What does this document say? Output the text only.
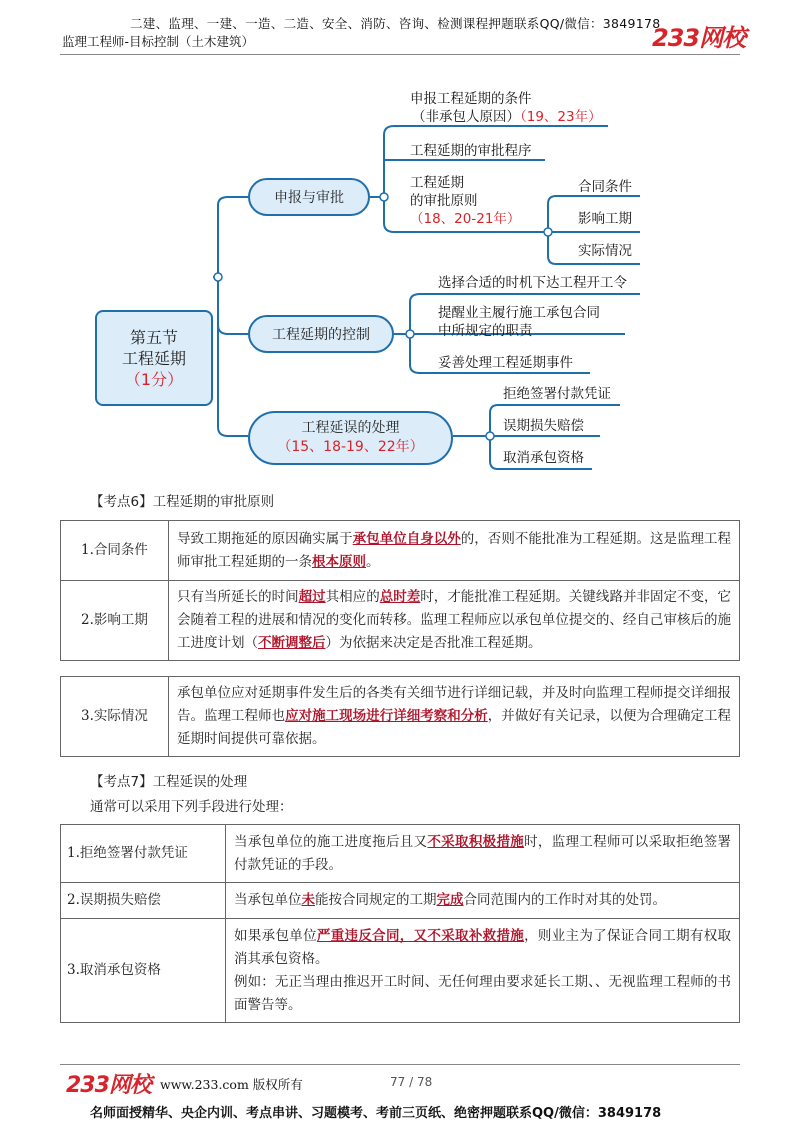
二建、监理、一建、一造、二造、安全、消防、咨询、检测课程押题联系QQ/微信：3849178
监理工程师-目标控制（土木建筑）	233网校
第五节
工程延期
（1分）
申报与审批
申报工程延期的条件
（非承包人原因）（19、23年）
工程延期的审批程序
工程延期
的审批原则
（18、20-21年）
合同条件
影响工期
实际情况
工程延期的控制
选择合适的时机下达工程开工令
提醒业主履行施工承包合同
中所规定的职责
妥善处理工程延期事件
工程延误的处理
（15、18-19、22年）
拒绝签署付款凭证
误期损失赔偿
取消承包资格
【考点6】工程延期的审批原则
1.合同条件	导致工期拖延的原因确实属于承包单位自身以外的，否则不能批准为工程延期。这是监理工程师审批工程延期的一条根本原则。
2.影响工期	只有当所延长的时间超过其相应的总时差时，才能批准工程延期。关键线路并非固定不变，它会随着工程的进展和情况的变化而转移。监理工程师应以承包单位提交的、经自己审核后的施工进度计划（不断调整后）为依据来决定是否批准工程延期。
3.实际情况	承包单位应对延期事件发生后的各类有关细节进行详细记载，并及时向监理工程师提交详细报告。监理工程师也应对施工现场进行详细考察和分析，并做好有关记录，以便为合理确定工程延期时间提供可靠依据。
【考点7】工程延误的处理
通常可以采用下列手段进行处理：
1.拒绝签署付款凭证	当承包单位的施工进度拖后且又不采取积极措施时，监理工程师可以采取拒绝签署付款凭证的手段。
2.误期损失赔偿	当承包单位未能按合同规定的工期完成合同范围内的工作时对其的处罚。
3.取消承包资格	如果承包单位严重违反合同，又不采取补救措施，则业主为了保证合同工期有权取消其承包资格。
例如：无正当理由推迟开工时间、无任何理由要求延长工期、、无视监理工程师的书面警告等。
233网校 www.233.com 版权所有	77 / 78
名师面授精华、央企内训、考点串讲、习题模考、考前三页纸、绝密押题联系QQ/微信：3849178
